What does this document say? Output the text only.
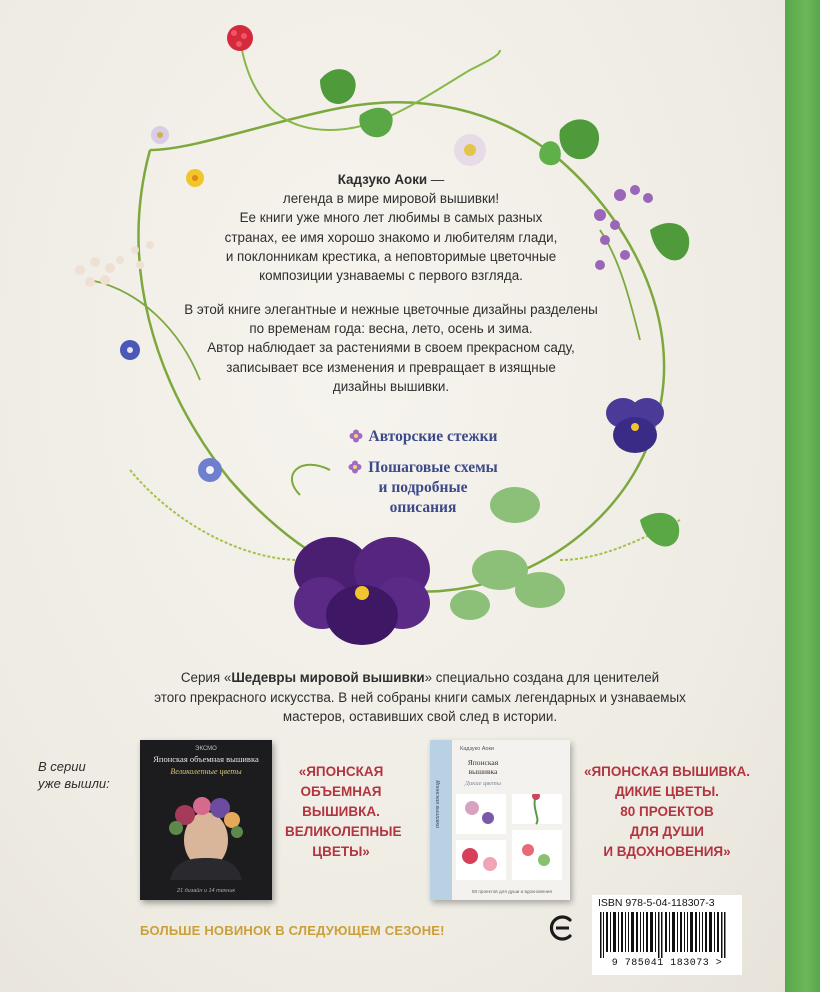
Кадзуко Аоки —
легенда в мире мировой вышивки!
Ее книги уже много лет любимы в самых разных
странах, ее имя хорошо знакомо и любителям глади,
и поклонникам крестика, а неповторимые цветочные
композиции узнаваемы с первого взгляда.
В этой книге элегантные и нежные цветочные дизайны разделены
по временам года: весна, лето, осень и зима.
Автор наблюдает за растениями в своем прекрасном саду,
записывает все изменения и превращает в изящные
дизайны вышивки.
Авторские стежки
Пошаговые схемы
и подробные
описания
Серия «Шедевры мировой вышивки» специально создана для ценителей
этого прекрасного искусства. В ней собраны книги самых легендарных и узнаваемых
мастеров, оставивших свой след в истории.
В серии
уже вышли:
ЭКСМО
Японская объемная вышивка
Великолепные цветы
21 дизайн и 14 техник
«ЯПОНСКАЯ
ОБЪЕМНАЯ
ВЫШИВКА.
ВЕЛИКОЛЕПНЫЕ
ЦВЕТЫ»
Японская вышивка
Кадзуко Аоки
Японская
вышивка
Дикие цветы
80 проектов для души и вдохновения
«ЯПОНСКАЯ ВЫШИВКА.
ДИКИЕ ЦВЕТЫ.
80 ПРОЕКТОВ
ДЛЯ ДУШИ
И ВДОХНОВЕНИЯ»
БОЛЬШЕ НОВИНОК В СЛЕДУЮЩЕМ СЕЗОНЕ!
ISBN 978-5-04-118307-3
9 785041 183073 >
